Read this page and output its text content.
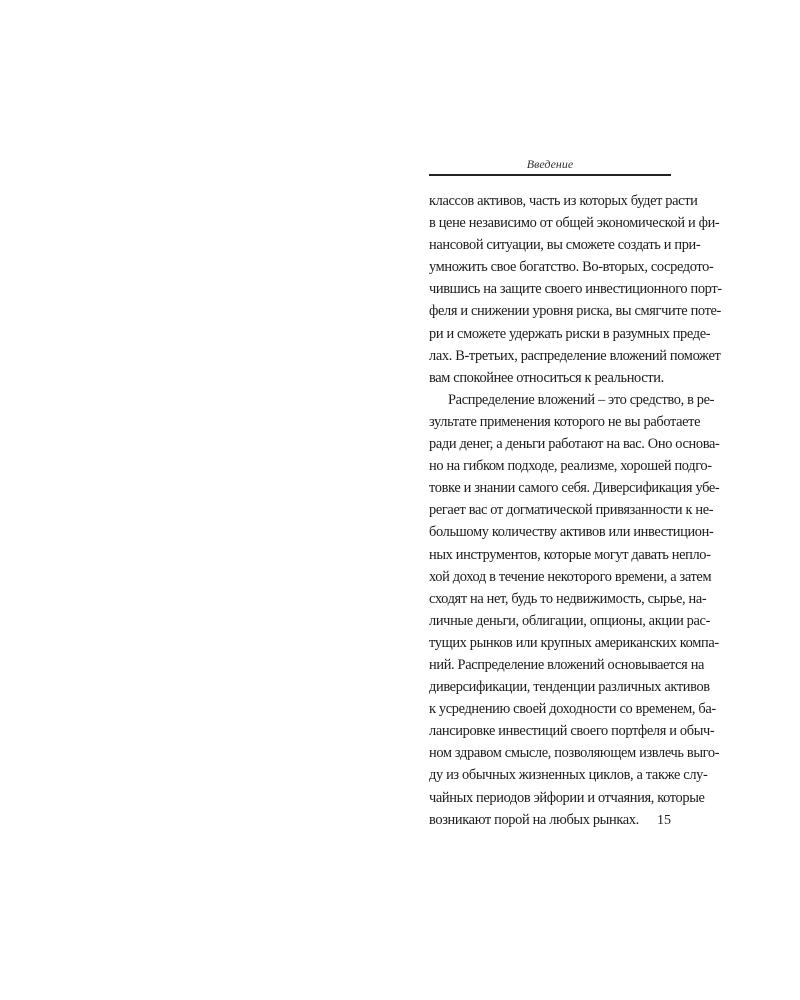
Введение
классов активов, часть из которых будет расти
в цене независимо от общей экономической и фи-
нансовой ситуации, вы сможете создать и при-
умножить свое богатство. Во-вторых, сосредото-
чившись на защите своего инвестиционного порт-
феля и снижении уровня риска, вы смягчите поте-
ри и сможете удержать риски в разумных преде-
лах. В-третьих, распределение вложений поможет
вам спокойнее относиться к реальности.
Распределение вложений – это средство, в ре-
зультате применения которого не вы работаете
ради денег, а деньги работают на вас. Оно основа-
но на гибком подходе, реализме, хорошей подго-
товке и знании самого себя. Диверсификация убе-
регает вас от догматической привязанности к не-
большому количеству активов или инвестицион-
ных инструментов, которые могут давать непло-
хой доход в течение некоторого времени, а затем
сходят на нет, будь то недвижимость, сырье, на-
личные деньги, облигации, опционы, акции рас-
тущих рынков или крупных американских компа-
ний. Распределение вложений основывается на
диверсификации, тенденции различных активов
к усреднению своей доходности со временем, ба-
лансировке инвестиций своего портфеля и обыч-
ном здравом смысле, позволяющем извлечь выго-
ду из обычных жизненных циклов, а также слу-
чайных периодов эйфории и отчаяния, которые
возникают порой на любых рынках.	15
